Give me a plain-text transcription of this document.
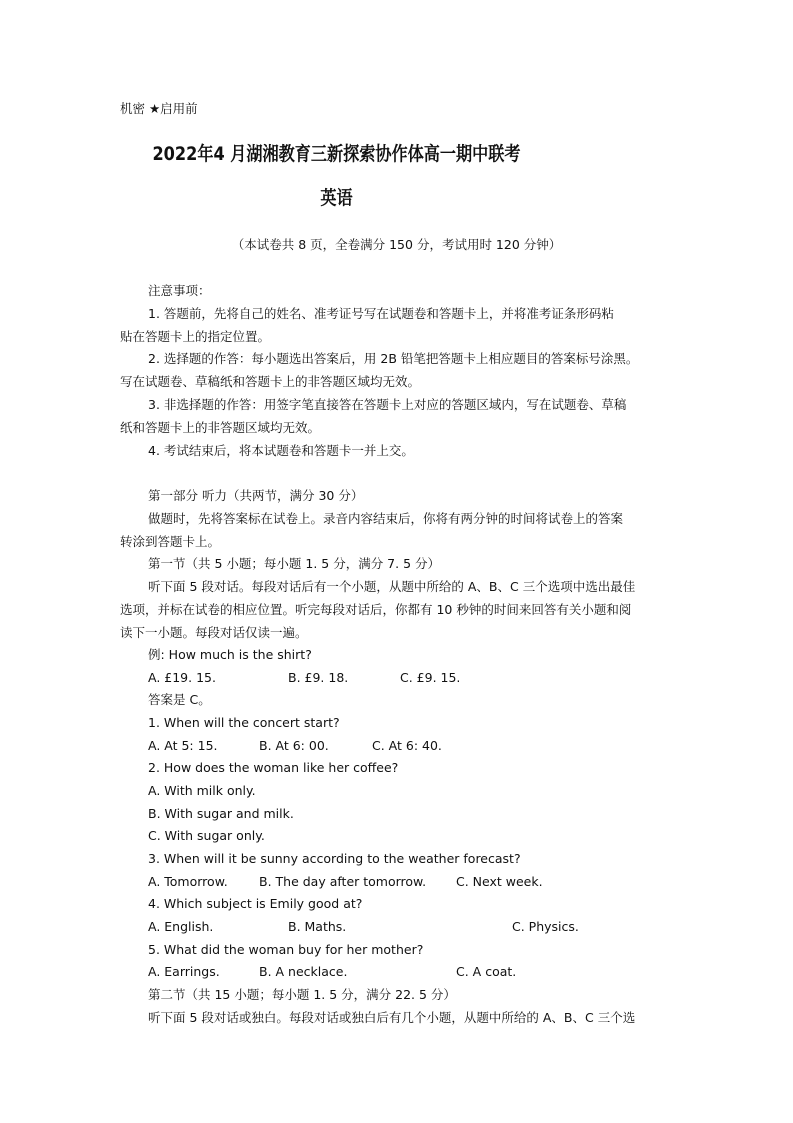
机密 ★启用前
2022年4 月湖湘教育三新探索协作体高一期中联考
英语
（本试卷共 8 页，全卷满分 150 分，考试用时 120 分钟）
注意事项：
1. 答题前，先将自己的姓名、准考证号写在试题卷和答题卡上，并将准考证条形码粘
贴在答题卡上的指定位置。
2. 选择题的作答：每小题选出答案后，用 2B 铅笔把答题卡上相应题目的答案标号涂黑。
写在试题卷、草稿纸和答题卡上的非答题区域均无效。
3. 非选择题的作答：用签字笔直接答在答题卡上对应的答题区域内，写在试题卷、草稿
纸和答题卡上的非答题区域均无效。
4. 考试结束后，将本试题卷和答题卡一并上交。
第一部分 听力（共两节，满分 30 分）
做题时，先将答案标在试卷上。录音内容结束后，你将有两分钟的时间将试卷上的答案
转涂到答题卡上。
第一节（共 5 小题；每小题 1. 5 分，满分 7. 5 分）
听下面 5 段对话。每段对话后有一个小题，从题中所给的 A、B、C 三个选项中选出最佳
选项，并标在试卷的相应位置。听完每段对话后，你都有 10 秒钟的时间来回答有关小题和阅
读下一小题。每段对话仅读一遍。
例: How much is the shirt?
A. £19. 15.	B. £9. 18.	C. £9. 15.
答案是 C。
1. When will the concert start?
A. At 5: 15.	B. At 6: 00.	C. At 6: 40.
2. How does the woman like her coffee?
A. With milk only.
B. With sugar and milk.
C. With sugar only.
3. When will it be sunny according to the weather forecast?
A. Tomorrow.	B. The day after tomorrow. C. Next week.
4. Which subject is Emily good at?
A. English.	B. Maths.	C. Physics.
5. What did the woman buy for her mother?
A. Earrings.	B. A necklace.	C. A coat.
第二节（共 15 小题；每小题 1. 5 分，满分 22. 5 分）
听下面 5 段对话或独白。每段对话或独白后有几个小题，从题中所给的 A、B、C 三个选
